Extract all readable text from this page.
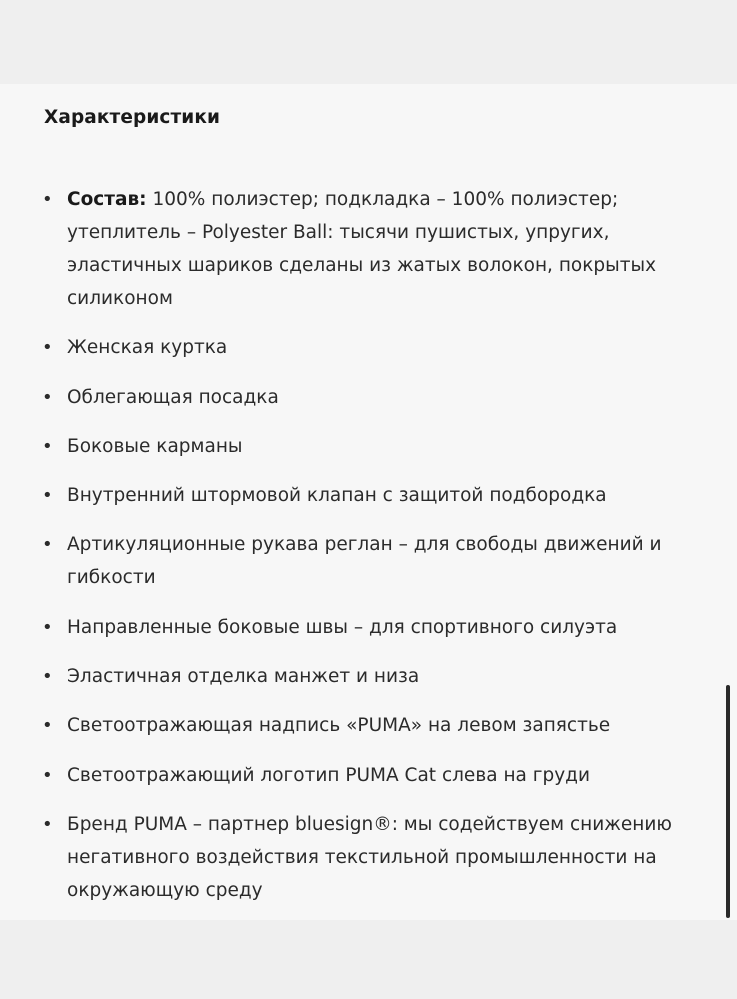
Характеристики
• Состав: 100% полиэстер; подкладка – 100% полиэстер; утеплитель – Polyester Ball: тысячи пушистых, упругих, эластичных шариков сделаны из жатых волокон, покрытых силиконом
• Женская куртка
• Облегающая посадка
• Боковые карманы
• Внутренний штормовой клапан с защитой подбородка
• Артикуляционные рукава реглан – для свободы движений и гибкости
• Направленные боковые швы – для спортивного силуэта
• Эластичная отделка манжет и низа
• Светоотражающая надпись «PUMA» на левом запястье
• Светоотражающий логотип PUMA Cat слева на груди
• Бренд PUMA – партнер bluesign®: мы содействуем снижению негативного воздействия текстильной промышленности на окружающую среду
